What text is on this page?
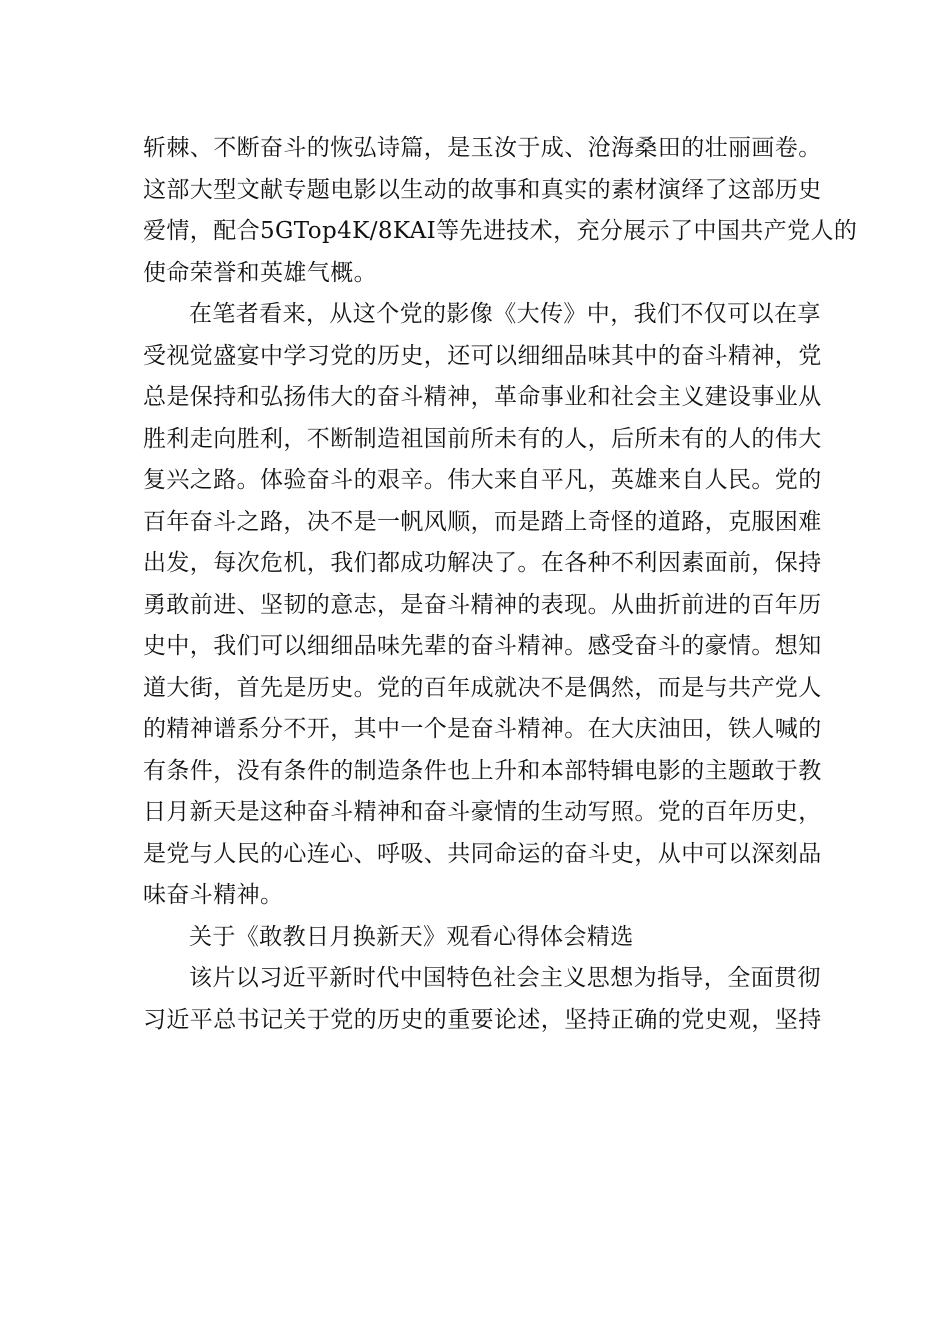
斩棘、不断奋斗的恢弘诗篇，是玉汝于成、沧海桑田的壮丽画卷。
这部大型文献专题电影以生动的故事和真实的素材演绎了这部历史
爱情，配合5GTop4K/8KAI等先进技术，充分展示了中国共产党人的
使命荣誉和英雄气概。
在笔者看来，从这个党的影像《大传》中，我们不仅可以在享
受视觉盛宴中学习党的历史，还可以细细品味其中的奋斗精神，党
总是保持和弘扬伟大的奋斗精神，革命事业和社会主义建设事业从
胜利走向胜利，不断制造祖国前所未有的人，后所未有的人的伟大
复兴之路。体验奋斗的艰辛。伟大来自平凡，英雄来自人民。党的
百年奋斗之路，决不是一帆风顺，而是踏上奇怪的道路，克服困难
出发，每次危机，我们都成功解决了。在各种不利因素面前，保持
勇敢前进、坚韧的意志，是奋斗精神的表现。从曲折前进的百年历
史中，我们可以细细品味先辈的奋斗精神。感受奋斗的豪情。想知
道大街，首先是历史。党的百年成就决不是偶然，而是与共产党人
的精神谱系分不开，其中一个是奋斗精神。在大庆油田，铁人喊的
有条件，没有条件的制造条件也上升和本部特辑电影的主题敢于教
日月新天是这种奋斗精神和奋斗豪情的生动写照。党的百年历史，
是党与人民的心连心、呼吸、共同命运的奋斗史，从中可以深刻品
味奋斗精神。
关于《敢教日月换新天》观看心得体会精选
该片以习近平新时代中国特色社会主义思想为指导，全面贯彻
习近平总书记关于党的历史的重要论述，坚持正确的党史观，坚持
